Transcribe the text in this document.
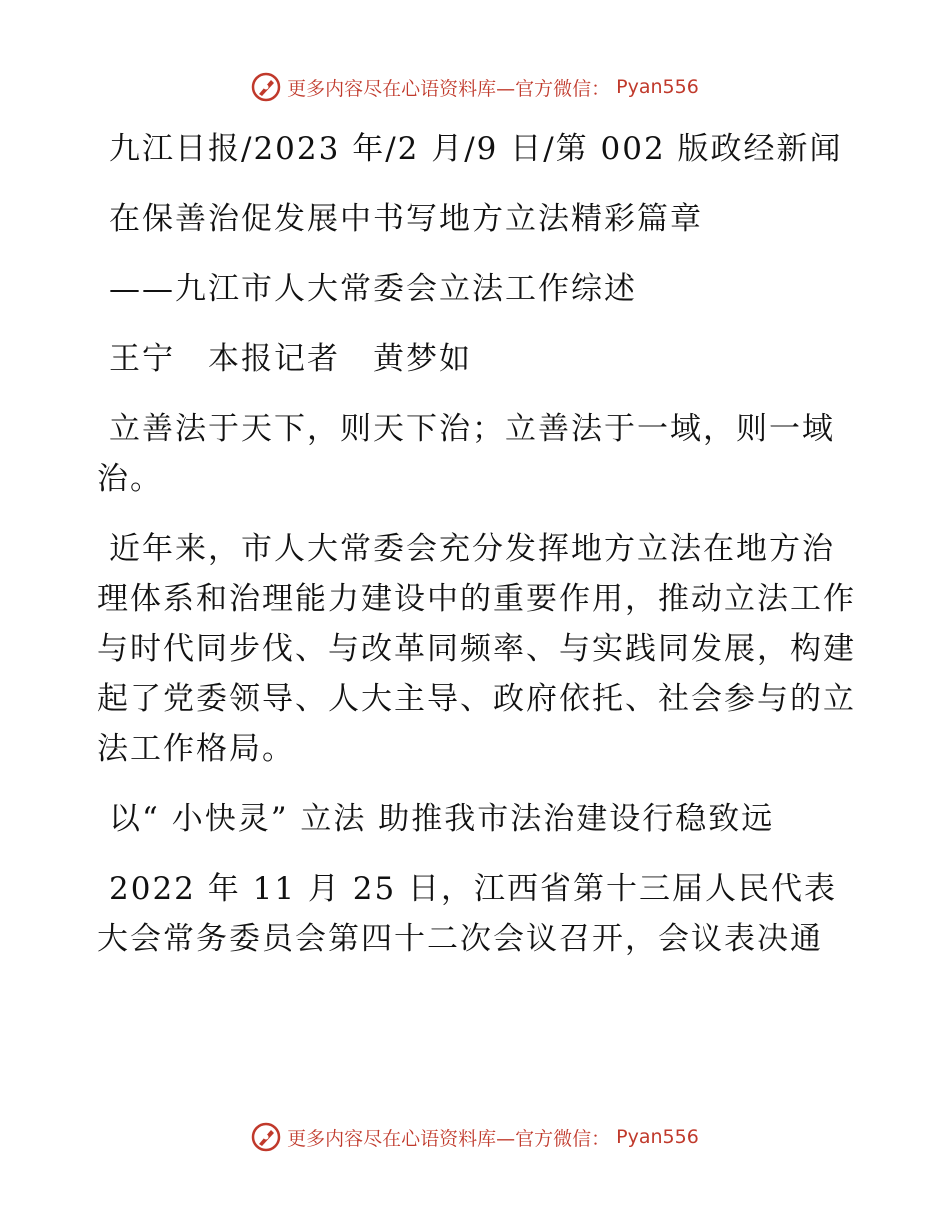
更多内容尽在心语资料库—官方微信： Pyan556

九江日报/2023 年/2 月/9 日/第 002 版政经新闻

在保善治促发展中书写地方立法精彩篇章

——九江市人大常委会立法工作综述

王宁　本报记者　黄梦如

立善法于天下，则天下治；立善法于一域，则一域治。

近年来，市人大常委会充分发挥地方立法在地方治理体系和治理能力建设中的重要作用，推动立法工作与时代同步伐、与改革同频率、与实践同发展，构建起了党委领导、人大主导、政府依托、社会参与的立法工作格局。

以“ 小快灵” 立法 助推我市法治建设行稳致远

2022 年 11 月 25 日，江西省第十三届人民代表大会常务委员会第四十二次会议召开，会议表决通

更多内容尽在心语资料库—官方微信： Pyan556
